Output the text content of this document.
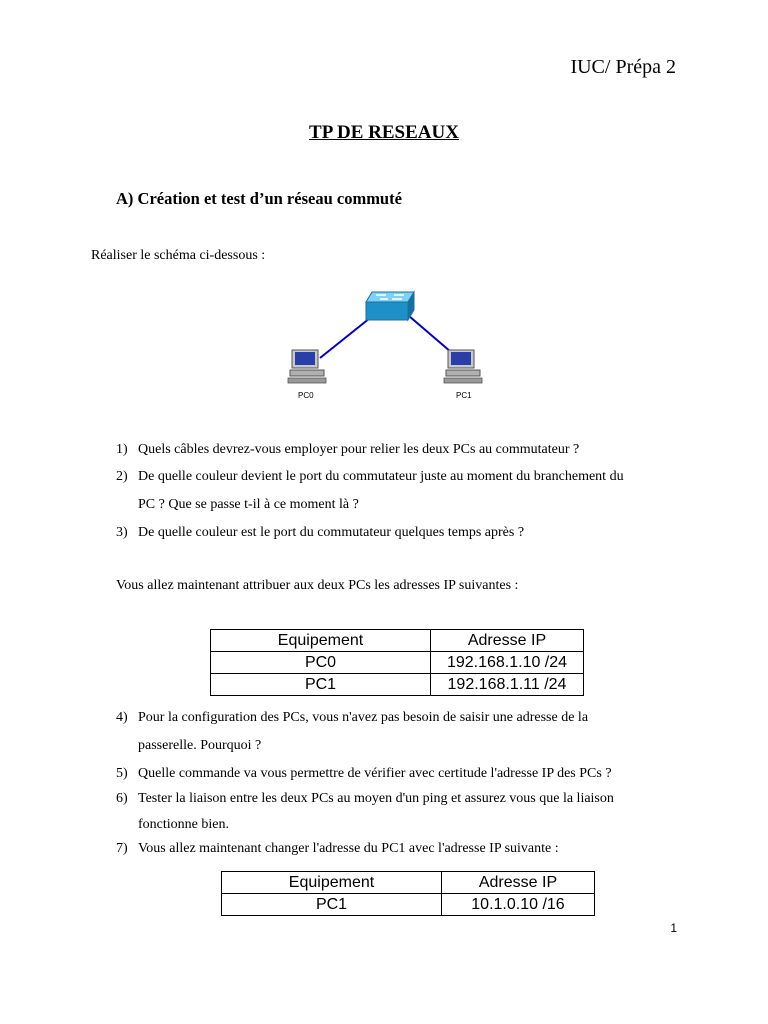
IUC/ Prépa 2
TP DE RESEAUX
A) Création et test d’un réseau commuté
Réaliser le schéma ci-dessous :
PC0	PC1
1) Quels câbles devrez-vous employer pour relier les deux PCs au commutateur ?
2) De quelle couleur devient le port du commutateur juste au moment du branchement du
PC ? Que se passe t-il à ce moment là ?
3) De quelle couleur est le port du commutateur quelques temps après ?
Vous allez maintenant attribuer aux deux PCs les adresses IP suivantes :
Equipement	Adresse IP
PC0	192.168.1.10 /24
PC1	192.168.1.11 /24
4) Pour la configuration des PCs, vous n'avez pas besoin de saisir une adresse de la
passerelle. Pourquoi ?
5) Quelle commande va vous permettre de vérifier avec certitude l'adresse IP des PCs ?
6) Tester la liaison entre les deux PCs au moyen d'un ping et assurez vous que la liaison
fonctionne bien.
7) Vous allez maintenant changer l'adresse du PC1 avec l'adresse IP suivante :
Equipement	Adresse IP
PC1	10.1.0.10 /16
1
